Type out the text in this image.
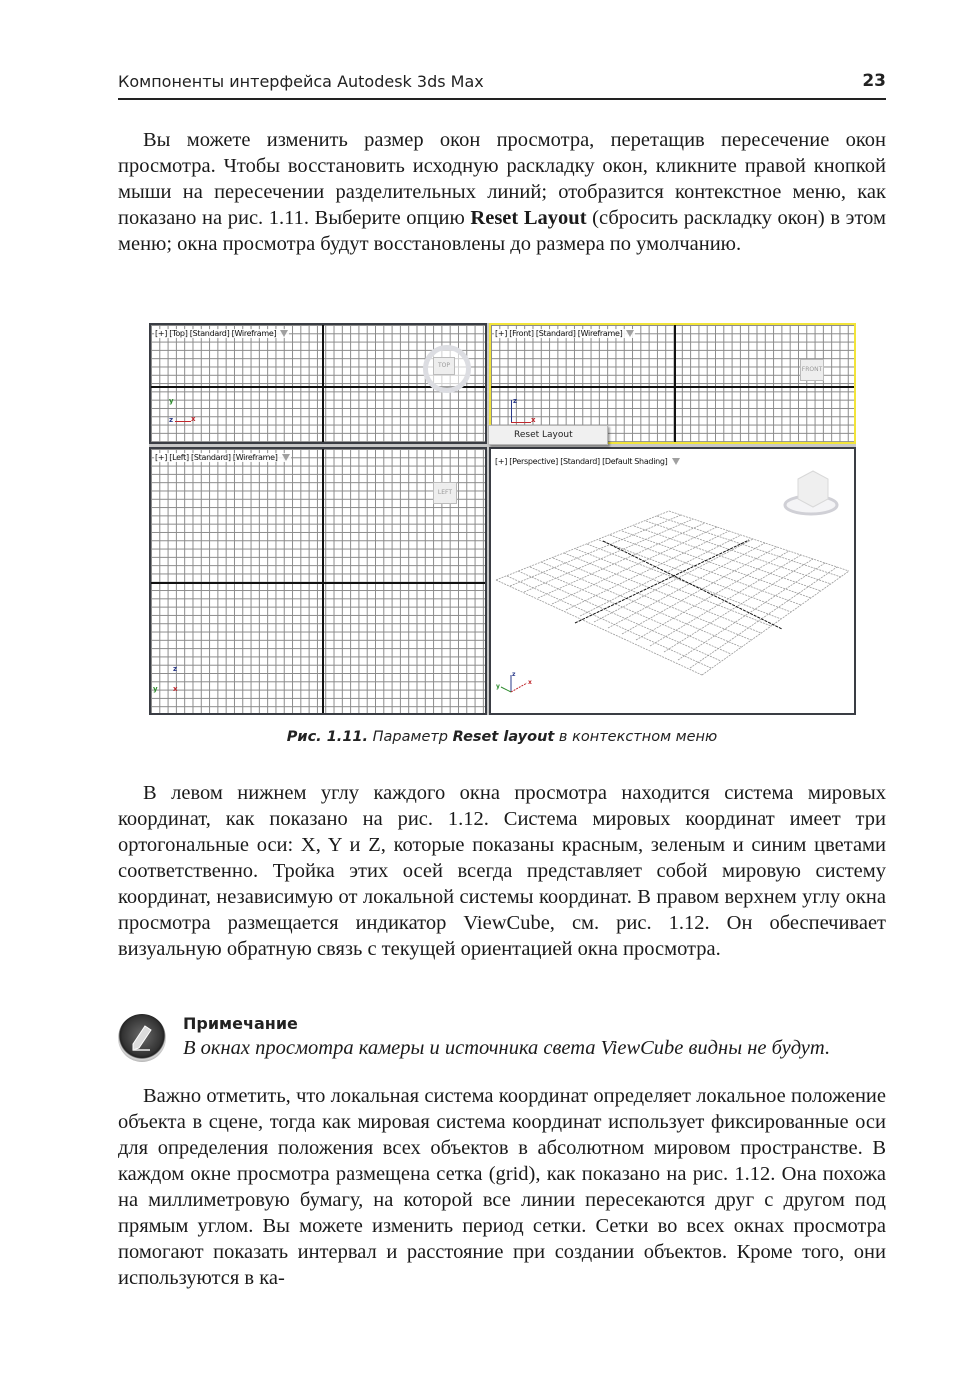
Компоненты интерфейса Autodesk 3ds Max	23

Вы можете изменить размер окон просмотра, перетащив пересечение окон просмотра. Чтобы восстановить исходную раскладку окон, кликните правой кнопкой мыши на пересечении разделительных линий; отобразится контекстное меню, как показано на рис. 1.11. Выберите опцию Reset Layout (сбросить раскладку окон) в этом меню; окна просмотра будут восстановлены до размера по умолчанию.

[+] [Top] [Standard] [Wireframe]
TOP
y
z	x
[+] [Front] [Standard] [Wireframe]
FRONT
z
x
[+] [Left] [Standard] [Wireframe]
LEFT
z
y x
[+] [Perspective] [Standard] [Default Shading]
z
y
x
Reset Layout
Рис. 1.11. Параметр Reset layout в контекстном меню

В левом нижнем углу каждого окна просмотра находится система мировых координат, как показано на рис. 1.12. Система мировых координат имеет три ортогональные оси: X, Y и Z, которые показаны красным, зеленым и синим цветами соответственно. Тройка этих осей всегда представляет собой мировую систему координат, независимую от локальной системы координат. В правом верхнем углу окна просмотра размещается индикатор ViewCube, см. рис. 1.12. Он обеспечивает визуальную обратную связь с текущей ориентацией окна просмотра.

Примечание
В окнах просмотра камеры и источника света ViewCube видны не будут.

Важно отметить, что локальная система координат определяет локальное положение объекта в сцене, тогда как мировая система координат использует фиксированные оси для определения положения всех объектов в абсолютном мировом пространстве. В каждом окне просмотра размещена сетка (grid), как показано на рис. 1.12. Она похожа на миллиметровую бумагу, на которой все линии пересекаются друг с другом под прямым углом. Вы можете изменить период сетки. Сетки во всех окнах просмотра помогают показать интервал и расстояние при создании объектов. Кроме того, они используются в ка-
